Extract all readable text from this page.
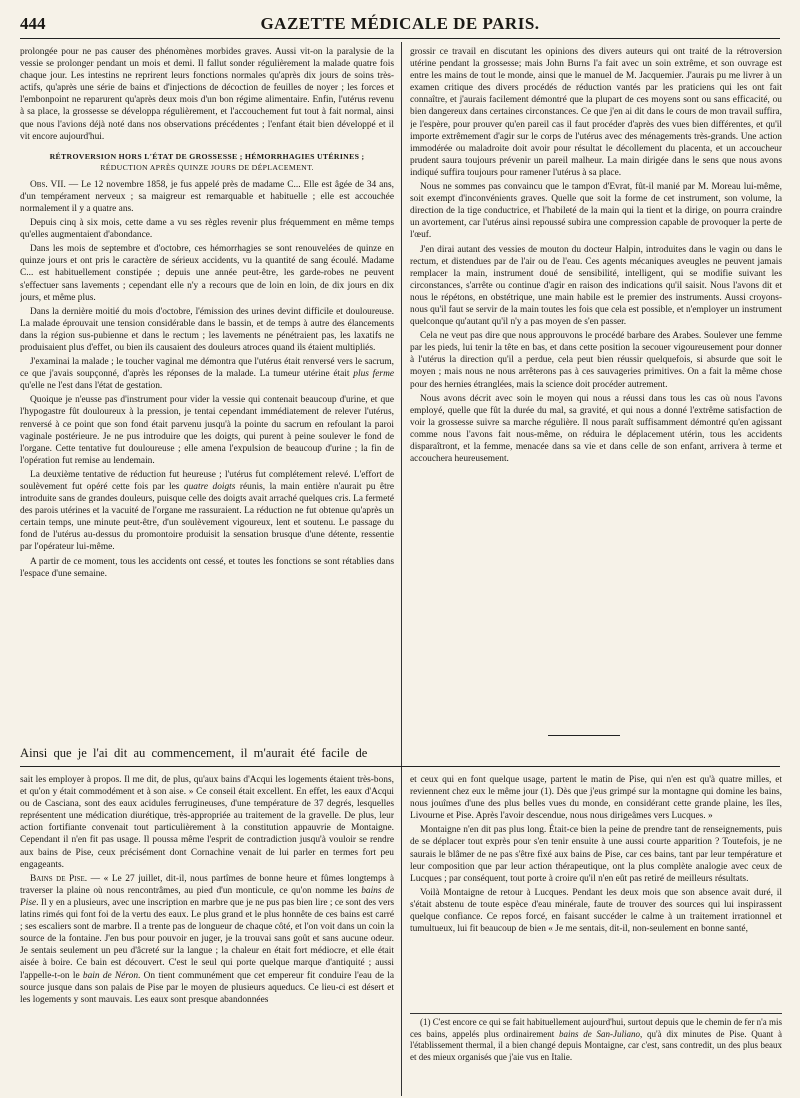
444	GAZETTE MÉDICALE DE PARIS.

prolongée pour ne pas causer des phénomènes morbides graves. Aussi vit-on la paralysie de la vessie se prolonger pendant un mois et demi. Il fallut sonder régulièrement la malade quatre fois chaque jour. Les intestins ne reprirent leurs fonctions normales qu'après dix jours de soins très-actifs, qu'après une série de bains et d'injections de décoction de feuilles de noyer ; les forces et l'embonpoint ne reparurent qu'après deux mois d'un bon régime alimentaire. Enfin, l'utérus revenu à sa place, la grossesse se développa régulièrement, et l'accouchement fut tout à fait normal, ainsi que nous l'avions déjà noté dans nos observations précédentes ; l'enfant était bien développé et il vit encore aujourd'hui.

RÉTROVERSION HORS L'ÉTAT DE GROSSESSE ; HÉMORRHAGIES UTÉRINES ;
RÉDUCTION APRÈS QUINZE JOURS DE DÉPLACEMENT.

Obs. VII. — Le 12 novembre 1858, je fus appelé près de madame C... Elle est âgée de 34 ans, d'un tempérament nerveux ; sa maigreur est remarquable et habituelle ; elle est accouchée normalement il y a quatre ans.

Depuis cinq à six mois, cette dame a vu ses règles revenir plus fréquemment en même temps qu'elles augmentaient d'abondance.

Dans les mois de septembre et d'octobre, ces hémorrhagies se sont renouvelées de quinze en quinze jours et ont pris le caractère de sérieux accidents, vu la quantité de sang écoulé. Madame C... est habituellement constipée ; depuis une année peut-être, les garde-robes ne peuvent s'effectuer sans lavements ; cependant elle n'y a recours que de loin en loin, de dix jours en dix jours, et même plus.

Dans la dernière moitié du mois d'octobre, l'émission des urines devint difficile et douloureuse. La malade éprouvait une tension considérable dans le bassin, et de temps à autre des élancements dans la région sus-pubienne et dans le rectum ; les lavements ne pénétraient pas, les laxatifs ne produisaient plus d'effet, ou bien ils causaient des douleurs atroces quand ils étaient multipliés.

J'examinai la malade ; le toucher vaginal me démontra que l'utérus était renversé vers le sacrum, ce que j'avais soupçonné, d'après les réponses de la malade. La tumeur utérine était plus ferme qu'elle ne l'est dans l'état de gestation.

Quoique je n'eusse pas d'instrument pour vider la vessie qui contenait beaucoup d'urine, et que l'hypogastre fût douloureux à la pression, je tentai cependant immédiatement de relever l'utérus, renversé à ce point que son fond était parvenu jusqu'à la pointe du sacrum en refoulant la paroi vaginale postérieure. Je ne pus introduire que les doigts, qui purent à peine soulever le fond de l'organe. Cette tentative fut douloureuse ; elle amena l'expulsion de beaucoup d'urine ; la fin de l'opération fut remise au lendemain.

La deuxième tentative de réduction fut heureuse ; l'utérus fut complétement relevé. L'effort de soulèvement fut opéré cette fois par les quatre doigts réunis, la main entière n'aurait pu être introduite sans de grandes douleurs, puisque celle des doigts avait arraché quelques cris. La fermeté des parois utérines et la vacuité de l'organe me rassuraient. La réduction ne fut obtenue qu'après un certain temps, une minute peut-être, d'un soulèvement vigoureux, lent et soutenu. Le passage du fond de l'utérus au-dessus du promontoire produisit la sensation brusque d'une détente, ressentie par l'opérateur lui-même.

A partir de ce moment, tous les accidents ont cessé, et toutes les fonctions se sont rétablies dans l'espace d'une semaine.

grossir ce travail en discutant les opinions des divers auteurs qui ont traité de la rétroversion utérine pendant la grossesse; mais John Burns l'a fait avec un soin extrême, et son ouvrage est entre les mains de tout le monde, ainsi que le manuel de M. Jacquemier. J'aurais pu me livrer à un examen critique des divers procédés de réduction vantés par les praticiens qui les ont fait connaître, et j'aurais facilement démontré que la plupart de ces moyens sont ou sans efficacité, ou bien dangereux dans certaines circonstances. Ce que j'en ai dit dans le cours de mon travail suffira, je l'espère, pour prouver qu'en pareil cas il faut procéder d'après des vues bien différentes, et qu'il importe extrêmement d'agir sur le corps de l'utérus avec des ménagements très-grands. Une action immodérée ou maladroite doit avoir pour résultat le décollement du placenta, et un accoucheur prudent saura toujours prévenir un pareil malheur. La main dirigée dans le sens que nous avons indiqué suffira toujours pour ramener l'utérus à sa place.

Nous ne sommes pas convaincu que le tampon d'Evrat, fût-il manié par M. Moreau lui-même, soit exempt d'inconvénients graves. Quelle que soit la forme de cet instrument, son volume, la direction de la tige conductrice, et l'habileté de la main qui la tient et la dirige, on pourra craindre un avortement, car l'utérus ainsi repoussé subira une compression capable de provoquer la perte de l'œuf.

J'en dirai autant des vessies de mouton du docteur Halpin, introduites dans le vagin ou dans le rectum, et distendues par de l'air ou de l'eau. Ces agents mécaniques aveugles ne peuvent jamais remplacer la main, instrument doué de sensibilité, intelligent, qui se modifie suivant les circonstances, s'arrête ou continue d'agir en raison des indications qu'il saisit. Nous l'avons dit et nous le répétons, en obstétrique, une main habile est le premier des instruments. Aussi croyons-nous qu'il faut se servir de la main toutes les fois que cela est possible, et n'employer un instrument quelconque qu'autant qu'il n'y a pas moyen de s'en passer.

Cela ne veut pas dire que nous approuvons le procédé barbare des Arabes. Soulever une femme par les pieds, lui tenir la tête en bas, et dans cette position la secouer vigoureusement pour donner à l'utérus la direction qu'il a perdue, cela peut bien réussir quelquefois, si absurde que soit le moyen ; mais nous ne nous arrêterons pas à ces sauvageries primitives. On a fait la même chose pour des hernies étranglées, mais la science doit procéder autrement.

Nous avons décrit avec soin le moyen qui nous a réussi dans tous les cas où nous l'avons employé, quelle que fût la durée du mal, sa gravité, et qui nous a donné l'extrême satisfaction de voir la grossesse suivre sa marche régulière. Il nous paraît suffisamment démontré qu'en agissant comme nous l'avons fait nous-même, on réduira le déplacement utérin, tous les accidents disparaîtront, et la femme, menacée dans sa vie et dans celle de son enfant, arrivera à terme et accouchera heureusement.

Ainsi que je l'ai dit au commencement, il m'aurait été facile de

sait les employer à propos. Il me dit, de plus, qu'aux bains d'Acqui les logements étaient très-bons, et qu'on y était commodément et à son aise. » Ce conseil était excellent. En effet, les eaux d'Acqui ou de Casciana, sont des eaux acidules ferrugineuses, d'une température de 37 degrés, lesquelles représentent une médication diurétique, très-appropriée au traitement de la gravelle. De plus, leur action fortifiante convenait tout particulièrement à la constitution appauvrie de Montaigne. Cependant il n'en fit pas usage. Il poussa même l'esprit de contradiction jusqu'à vouloir se rendre aux bains de Pise, ceux précisément dont Cornachine venait de lui parler en termes fort peu engageants.

Bains de Pise. — « Le 27 juillet, dit-il, nous partîmes de bonne heure et fûmes longtemps à traverser la plaine où nous rencontrâmes, au pied d'un monticule, ce qu'on nomme les bains de Pise. Il y en a plusieurs, avec une inscription en marbre que je ne pus pas bien lire ; ce sont des vers latins rimés qui font foi de la vertu des eaux. Le plus grand et le plus honnête de ces bains est carré ; ses escaliers sont de marbre. Il a trente pas de longueur de chaque côté, et l'on voit dans un coin la source de la fontaine. J'en bus pour pouvoir en juger, je la trouvai sans goût et sans aucune odeur. Je sentais seulement un peu d'âcreté sur la langue ; la chaleur en était fort médiocre, et elle était aisée à boire. Ce bain est découvert. C'est le seul qui porte quelque marque d'antiquité ; aussi l'appelle-t-on le bain de Néron. On tient communément que cet empereur fit conduire l'eau de la source jusque dans son palais de Pise par le moyen de plusieurs aqueducs. Ce lieu-ci est désert et les logements y sont mauvais. Les eaux sont presque abandonnées

et ceux qui en font quelque usage, partent le matin de Pise, qui n'en est qu'à quatre milles, et reviennent chez eux le même jour (1). Dès que j'eus grimpé sur la montagne qui domine les bains, nous jouîmes d'une des plus belles vues du monde, en considérant cette grande plaine, les îles, Livourne et Pise. Après l'avoir descendue, nous nous dirigeâmes vers Lucques. »

Montaigne n'en dit pas plus long. Était-ce bien la peine de prendre tant de renseignements, puis de se déplacer tout exprès pour s'en tenir ensuite à une aussi courte apparition ? Toutefois, je ne saurais le blâmer de ne pas s'être fixé aux bains de Pise, car ces bains, tant par leur température et leur composition que par leur action thérapeutique, ont la plus complète analogie avec ceux de Lucques ; par conséquent, tout porte à croire qu'il n'en eût pas retiré de meilleurs résultats.

Voilà Montaigne de retour à Lucques. Pendant les deux mois que son absence avait duré, il s'était abstenu de toute espèce d'eau minérale, faute de trouver des sources qui lui inspirassent quelque confiance. Ce repos forcé, en faisant succéder le calme à un traitement irrationnel et tumultueux, lui fit beaucoup de bien « Je me sentais, dit-il, non-seulement en bonne santé,

(1) C'est encore ce qui se fait habituellement aujourd'hui, surtout depuis que le chemin de fer n'a mis ces bains, appelés plus ordinairement bains de San-Juliano, qu'à dix minutes de Pise. Quant à l'établissement thermal, il a bien changé depuis Montaigne, car c'est, sans contredit, un des plus beaux et des mieux organisés que j'aie vus en Italie.
